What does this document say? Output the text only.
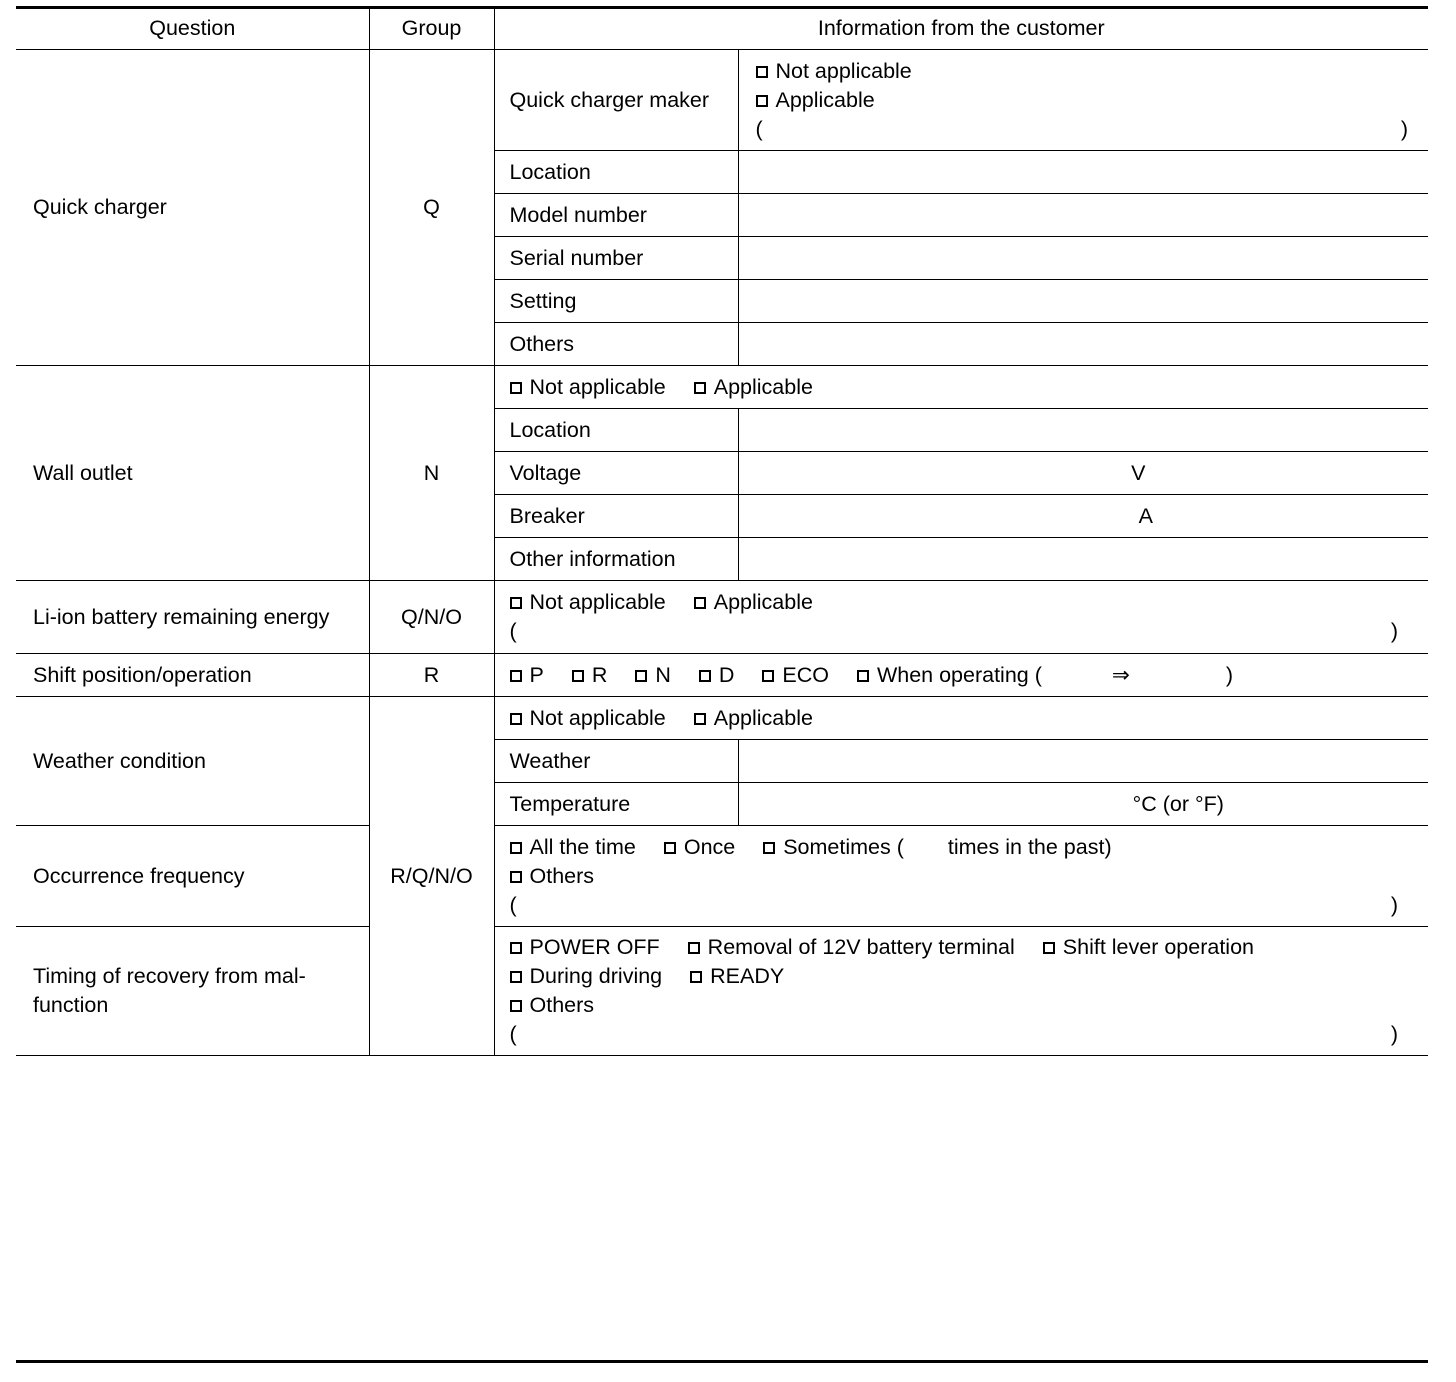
Question	Group	Information from the customer	
Quick charger	Q	Quick charger maker	Not applicable
Applicable
( )

		Location	
		Model number	
		Serial number	
		Setting	
		Others	
Wall outlet	N	Not applicable Applicable	
		Location	
		Voltage	V
		Breaker	A
		Other information	
Li-ion battery remaining energy	Q/N/O	Not applicable Applicable
( )	

Shift position/operation	R	P R N D ECO When operating ( ⇒ )	
Weather condition	R/Q/N/O	Not applicable Applicable	
		Weather	
		Temperature	°C (or °F)
Occurrence frequency		All the time Once Sometimes ( times in the past)
Others
( )	

Timing of recovery from mal-function		POWER OFF Removal of 12V battery terminal Shift lever operation
During driving READY
Others
( )	
